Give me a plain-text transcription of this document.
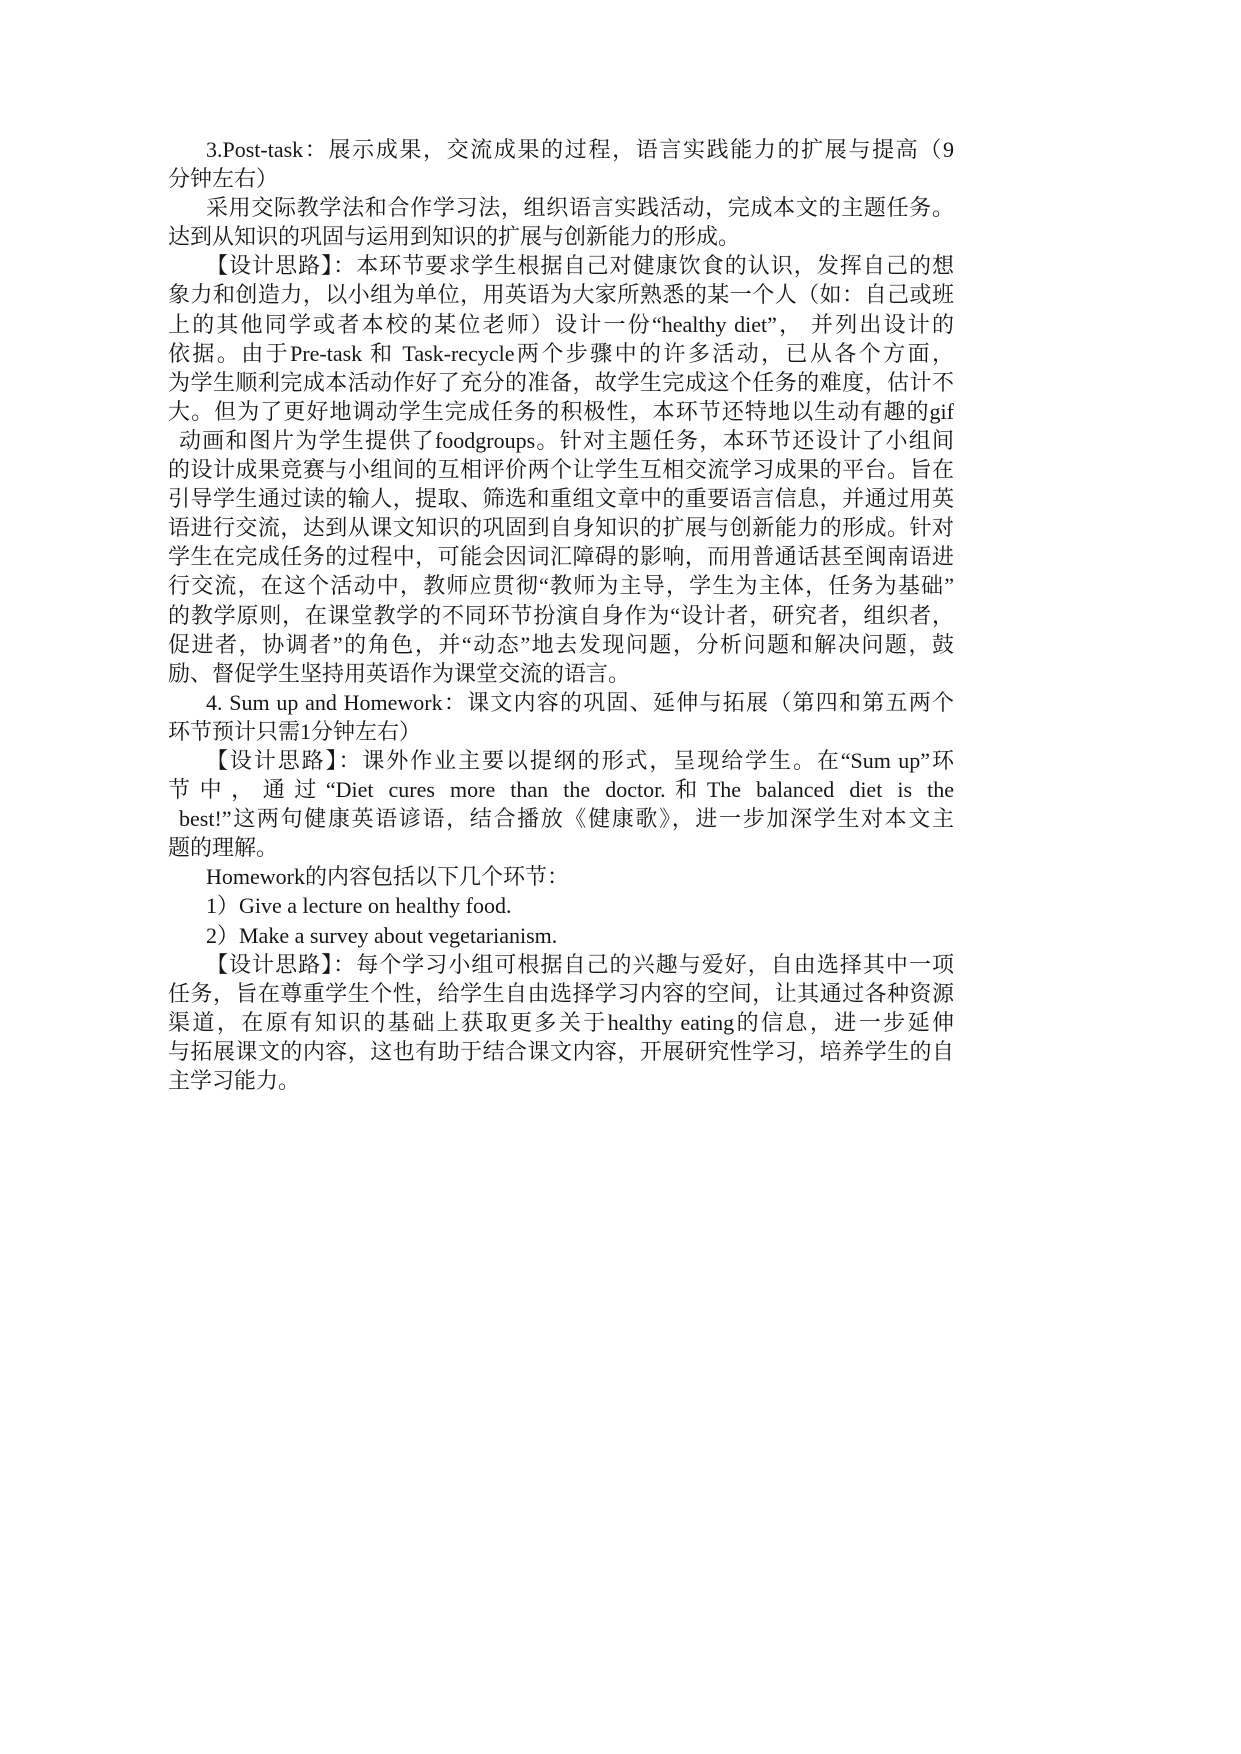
3.Post-task：展示成果，交流成果的过程，语言实践能力的扩展与提高（9
分钟左右）
采用交际教学法和合作学习法，组织语言实践活动，完成本文的主题任务。
达到从知识的巩固与运用到知识的扩展与创新能力的形成。
【设计思路】：本环节要求学生根据自己对健康饮食的认识，发挥自己的想
象力和创造力，以小组为单位，用英语为大家所熟悉的某一个人（如：自己或班
上的其他同学或者本校的某位老师）设计一份“healthy diet”， 并列出设计的
依据。由于Pre-task 和 Task-recycle两个步骤中的许多活动，已从各个方面，
为学生顺利完成本活动作好了充分的准备，故学生完成这个任务的难度，估计不
大。但为了更好地调动学生完成任务的积极性，本环节还特地以生动有趣的gif
动画和图片为学生提供了foodgroups。针对主题任务，本环节还设计了小组间
的设计成果竞赛与小组间的互相评价两个让学生互相交流学习成果的平台。旨在
引导学生通过读的输人，提取、筛选和重组文章中的重要语言信息，并通过用英
语进行交流，达到从课文知识的巩固到自身知识的扩展与创新能力的形成。针对
学生在完成任务的过程中，可能会因词汇障碍的影响，而用普通话甚至闽南语进
行交流，在这个活动中，教师应贯彻“教师为主导，学生为主体，任务为基础”
的教学原则，在课堂教学的不同环节扮演自身作为“设计者，研究者，组织者，
促进者，协调者”的角色，并“动态”地去发现问题，分析问题和解决问题，鼓
励、督促学生坚持用英语作为课堂交流的语言。
4. Sum up and Homework：课文内容的巩固、延伸与拓展（第四和第五两个
环节预计只需1分钟左右）
【设计思路】：课外作业主要以提纲的形式，呈现给学生。在“Sum up”环
节中，通过“Diet cures more than the doctor.和The balanced diet is the
best!”这两句健康英语谚语，结合播放《健康歌》，进一步加深学生对本文主
题的理解。
Homework的内容包括以下几个环节：
1）Give a lecture on healthy food.
2）Make a survey about vegetarianism.
【设计思路】：每个学习小组可根据自己的兴趣与爱好，自由选择其中一项
任务，旨在尊重学生个性，给学生自由选择学习内容的空间，让其通过各种资源
渠道，在原有知识的基础上获取更多关于healthy eating的信息，进一步延伸
与拓展课文的内容，这也有助于结合课文内容，开展研究性学习，培养学生的自
主学习能力。
